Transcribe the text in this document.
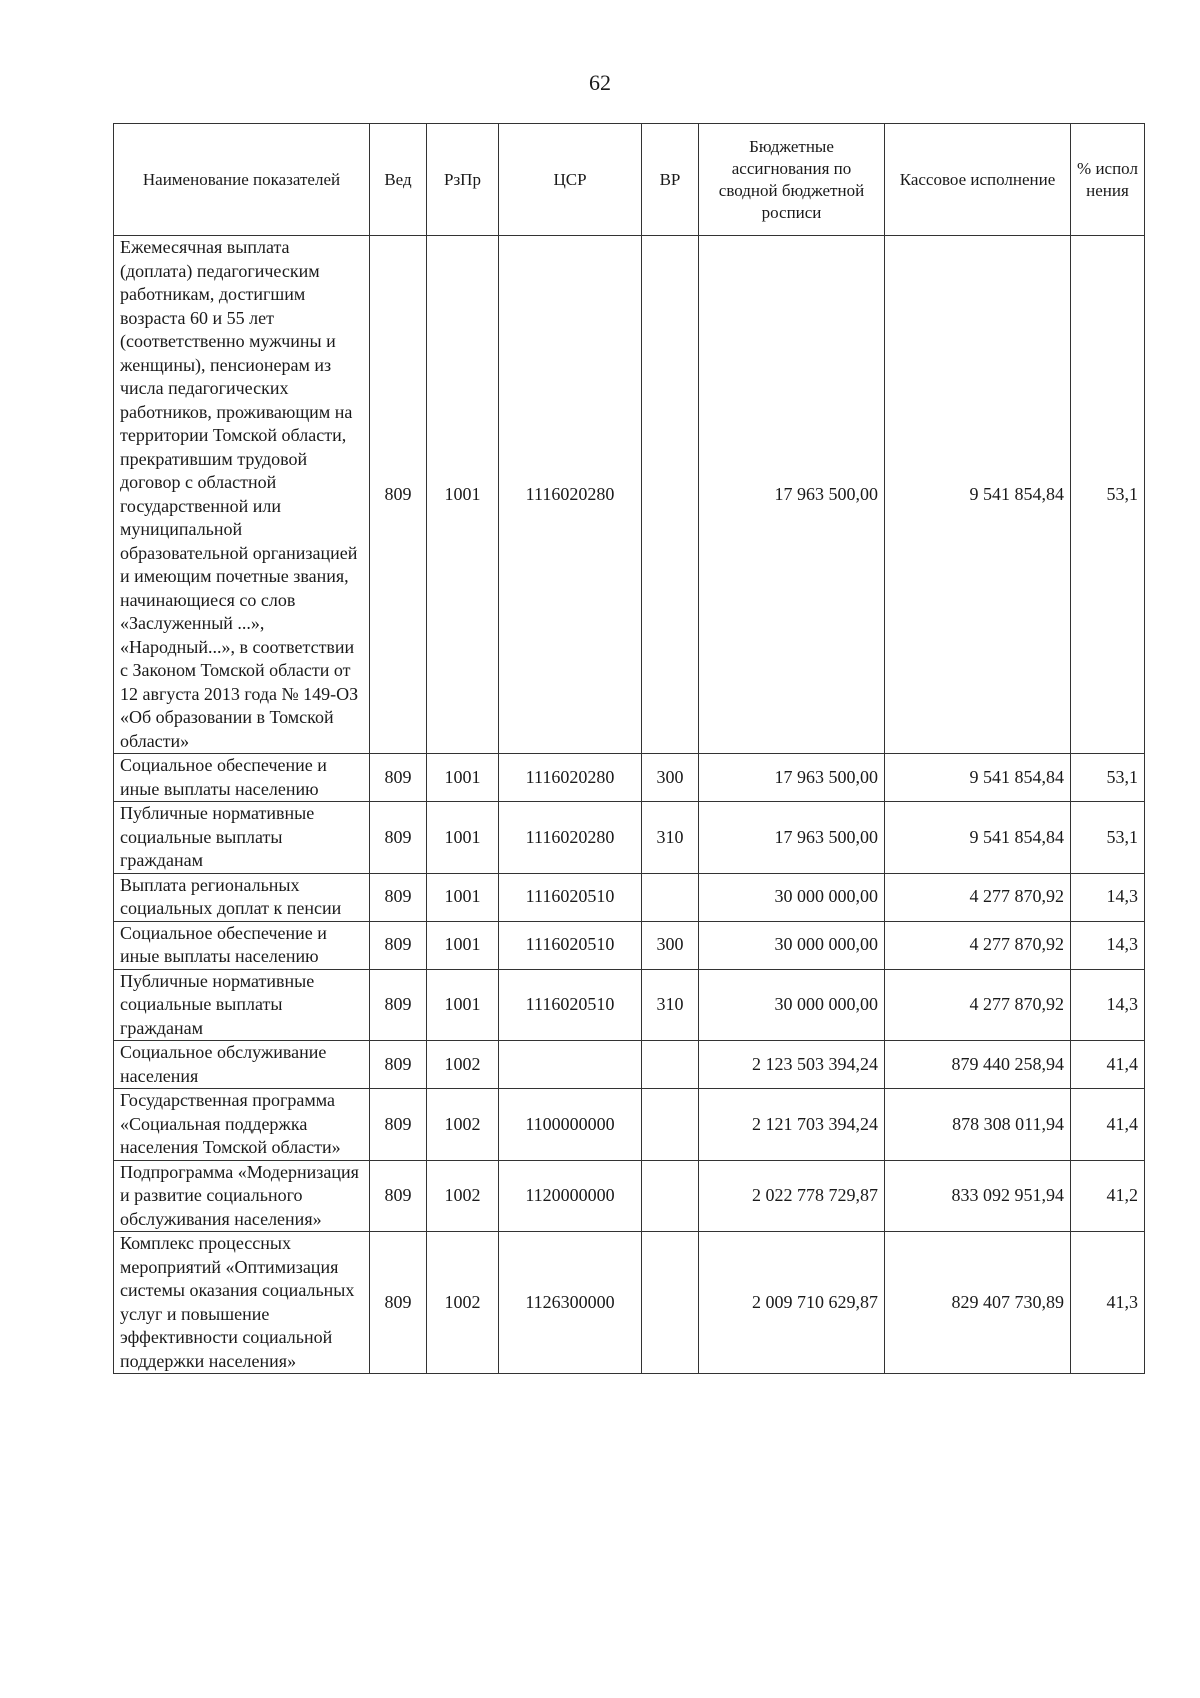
62
Наименование показателей	Вед	РзПр	ЦСР	ВР	Бюджетные ассигнования по сводной бюджетной росписи	Кассовое исполнение	% испол нения
Ежемесячная выплата (доплата) педагогическим работникам, достигшим возраста 60 и 55 лет (соответственно мужчины и женщины), пенсионерам из числа педагогических работников, проживающим на территории Томской области, прекратившим трудовой договор с областной государственной или муниципальной образовательной организацией и имеющим почетные звания, начинающиеся со слов «Заслуженный ...», «Народный...», в соответствии с Законом Томской области от 12 августа 2013 года № 149-ОЗ «Об образовании в Томской области»	809	1001	1116020280		17 963 500,00	9 541 854,84	53,1
Социальное обеспечение и иные выплаты населению	809	1001	1116020280	300	17 963 500,00	9 541 854,84	53,1
Публичные нормативные социальные выплаты гражданам	809	1001	1116020280	310	17 963 500,00	9 541 854,84	53,1
Выплата региональных социальных доплат к пенсии	809	1001	1116020510		30 000 000,00	4 277 870,92	14,3
Социальное обеспечение и иные выплаты населению	809	1001	1116020510	300	30 000 000,00	4 277 870,92	14,3
Публичные нормативные социальные выплаты гражданам	809	1001	1116020510	310	30 000 000,00	4 277 870,92	14,3
Социальное обслуживание населения	809	1002			2 123 503 394,24	879 440 258,94	41,4
Государственная программа «Социальная поддержка населения Томской области»	809	1002	1100000000		2 121 703 394,24	878 308 011,94	41,4
Подпрограмма «Модернизация и развитие социального обслуживания населения»	809	1002	1120000000		2 022 778 729,87	833 092 951,94	41,2
Комплекс процессных мероприятий «Оптимизация системы оказания социальных услуг и повышение эффективности социальной поддержки населения»	809	1002	1126300000		2 009 710 629,87	829 407 730,89	41,3
